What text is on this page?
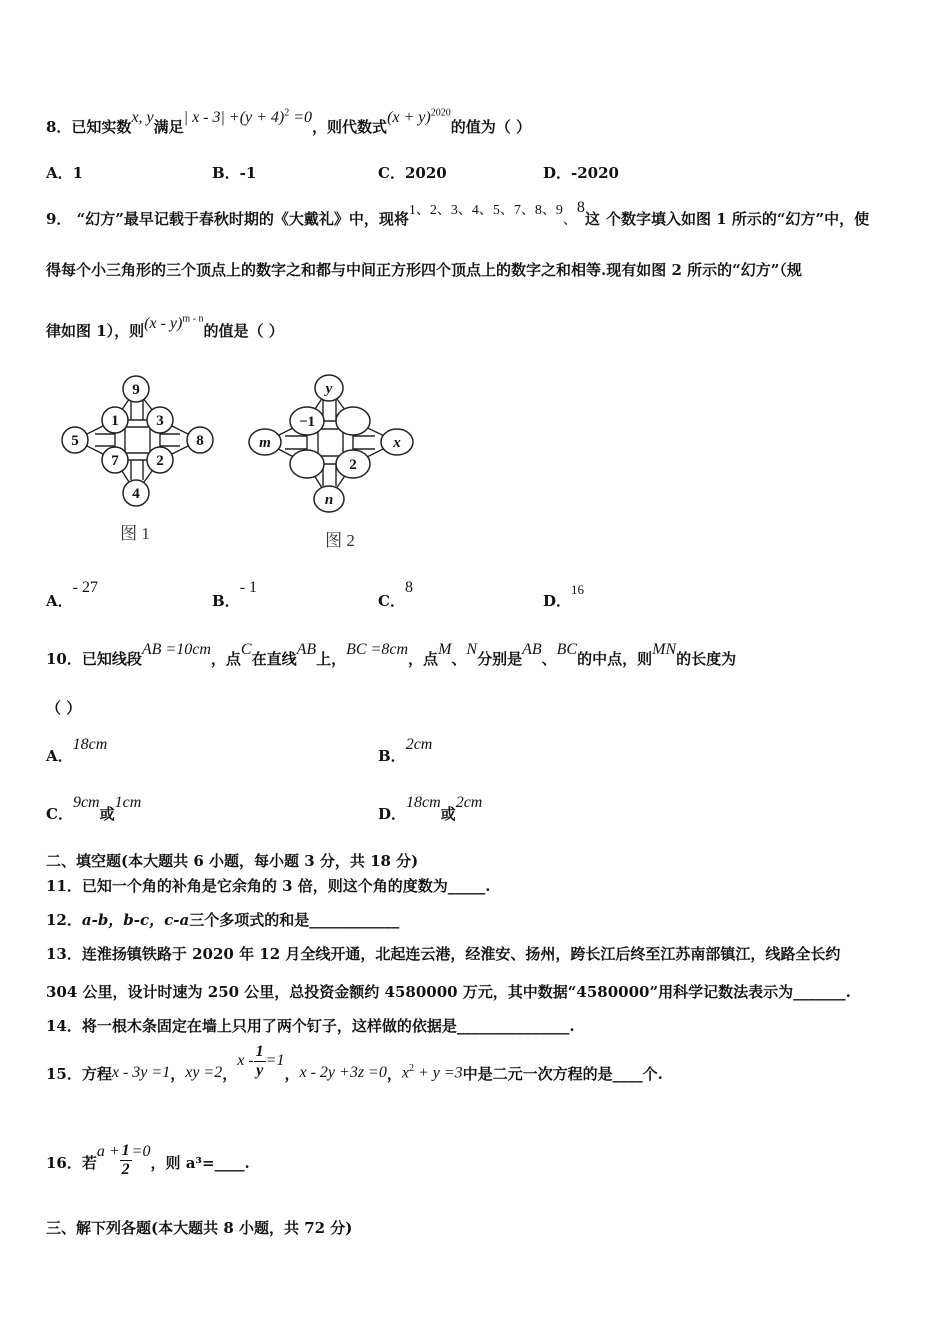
8．已知实数x, y满足| $x - 3| +(y + 4)^2 =0$，则代数式$(x + y)^{2020}$的值为（ ）
A．1	B．-1	C．2020	D．-2020
9． “幻方”最早记载于春秋时期的《大戴礼》中，现将1、2、3、4、5、7、8、9、8这 个数字填入如图 1 所示的“幻方”中，使
得每个小三角形的三个顶点上的数字之和都与中间正方形四个顶点上的数字之和相等.现有如图 2 所示的“幻方”（规
律如图 1），则(x - y)$^{m - n}$的值是（ ）
9
1	3
5	8
7	2
4
图 1
y
−1
m	x
2
n
图 2
A．- 27
B．- 1
C．8
D．16
10．已知线段AB =10cm，点C在直线AB上，BC =8cm，点M、N分别是AB、BC的中点，则MN的长度为
（ ）
A．18cm
B．2cm
C．9cm或1cm
D．18cm或2cm
二、填空题(本大题共 6 小题，每小题 3 分，共 18 分)
11．已知一个角的补角是它余角的 3 倍，则这个角的度数为_____.
12．a-b，b-c，c-a三个多项式的和是____________
13．连淮扬镇铁路于 2020 年 12 月全线开通，北起连云港，经淮安、扬州，跨长江后终至江苏南部镇江，线路全长约
304 公里，设计时速为 250 公里，总投资金额约 4580000 万元，其中数据“4580000”用科学记数法表示为_______.
14．将一根木条固定在墙上只用了两个钉子，这样做的依据是_______________.
15．方程 x - 3y =1 ， xy =2 ，
$x - \frac{1}{y} =1$
， x - 2y +3z =0 ， $x^2 + y =3$ 中是二元一次方程的是____个.
16．若
$a + \frac{1}{2} =0$
，则 a³=____.
三、解下列各题(本大题共 8 小题，共 72 分)
